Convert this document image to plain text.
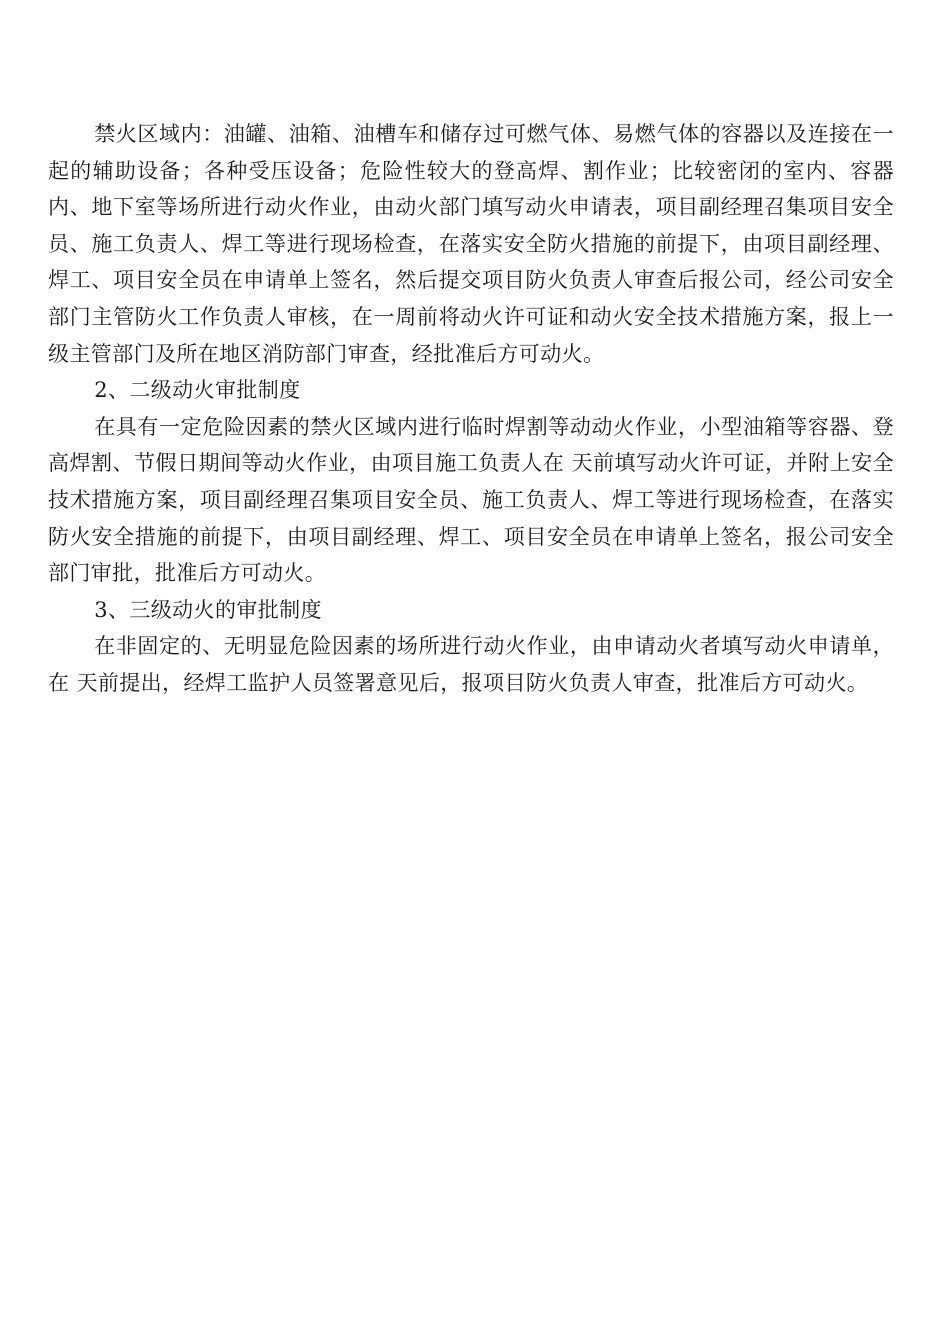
禁火区域内：油罐、油箱、油槽车和储存过可燃气体、易燃气体的容器以及连接在一起的辅助设备；各种受压设备；危险性较大的登高焊、割作业；比较密闭的室内、容器内、地下室等场所进行动火作业，由动火部门填写动火申请表，项目副经理召集项目安全员、施工负责人、焊工等进行现场检查，在落实安全防火措施的前提下，由项目副经理、焊工、项目安全员在申请单上签名，然后提交项目防火负责人审查后报公司，经公司安全部门主管防火工作负责人审核，在一周前将动火许可证和动火安全技术措施方案，报上一级主管部门及所在地区消防部门审查，经批准后方可动火。

2、二级动火审批制度

在具有一定危险因素的禁火区域内进行临时焊割等动动火作业，小型油箱等容器、登高焊割、节假日期间等动火作业，由项目施工负责人在 天前填写动火许可证，并附上安全技术措施方案，项目副经理召集项目安全员、施工负责人、焊工等进行现场检查，在落实防火安全措施的前提下，由项目副经理、焊工、项目安全员在申请单上签名，报公司安全部门审批，批准后方可动火。

3、三级动火的审批制度

在非固定的、无明显危险因素的场所进行动火作业，由申请动火者填写动火申请单，在 天前提出，经焊工监护人员签署意见后，报项目防火负责人审查，批准后方可动火。
